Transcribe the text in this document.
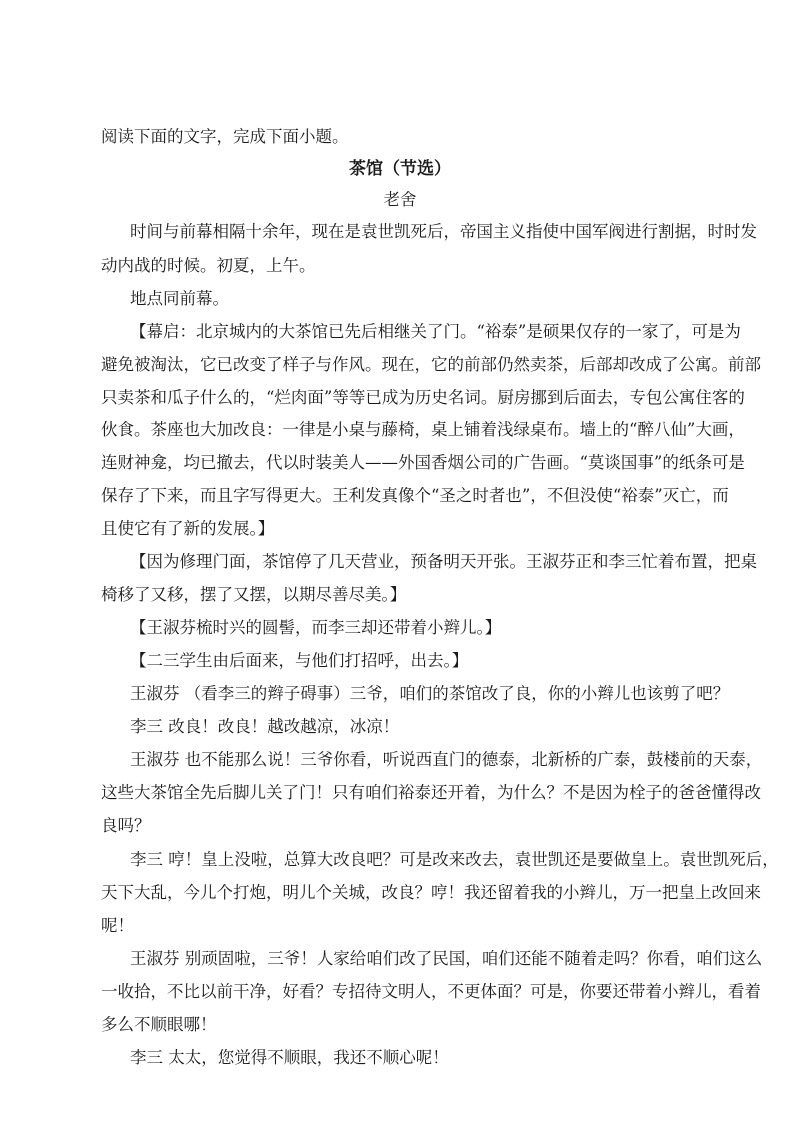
阅读下面的文字，完成下面小题。
茶馆（节选）
老舍
时间与前幕相隔十余年，现在是袁世凯死后，帝国主义指使中国军阀进行割据，时时发
动内战的时候。初夏，上午。
地点同前幕。
【幕启：北京城内的大茶馆已先后相继关了门。“裕泰”是硕果仅存的一家了，可是为
避免被淘汰，它已改变了样子与作风。现在，它的前部仍然卖茶，后部却改成了公寓。前部
只卖茶和瓜子什么的，“烂肉面”等等已成为历史名词。厨房挪到后面去，专包公寓住客的
伙食。茶座也大加改良：一律是小桌与藤椅，桌上铺着浅绿桌布。墙上的“醉八仙”大画，
连财神龛，均已撤去，代以时装美人——外国香烟公司的广告画。“莫谈国事”的纸条可是
保存了下来，而且字写得更大。王利发真像个“圣之时者也”，不但没使“裕泰”灭亡，而
且使它有了新的发展。】
【因为修理门面，茶馆停了几天营业，预备明天开张。王淑芬正和李三忙着布置，把桌
椅移了又移，摆了又摆，以期尽善尽美。】
【王淑芬梳时兴的圆髻，而李三却还带着小辫儿。】
【二三学生由后面来，与他们打招呼，出去。】
王淑芬 （看李三的辫子碍事）三爷，咱们的茶馆改了良，你的小辫儿也该剪了吧？
李三 改良！改良！越改越凉，冰凉！
王淑芬 也不能那么说！三爷你看，听说西直门的德泰，北新桥的广泰，鼓楼前的天泰，
这些大茶馆全先后脚儿关了门！只有咱们裕泰还开着，为什么？不是因为栓子的爸爸懂得改
良吗？
李三 哼！皇上没啦，总算大改良吧？可是改来改去，袁世凯还是要做皇上。袁世凯死后，
天下大乱，今儿个打炮，明儿个关城，改良？哼！我还留着我的小辫儿，万一把皇上改回来
呢！
王淑芬 别顽固啦，三爷！人家给咱们改了民国，咱们还能不随着走吗？你看，咱们这么
一收拾，不比以前干净，好看？专招待文明人，不更体面？可是，你要还带着小辫儿，看着
多么不顺眼哪！
李三 太太，您觉得不顺眼，我还不顺心呢！
